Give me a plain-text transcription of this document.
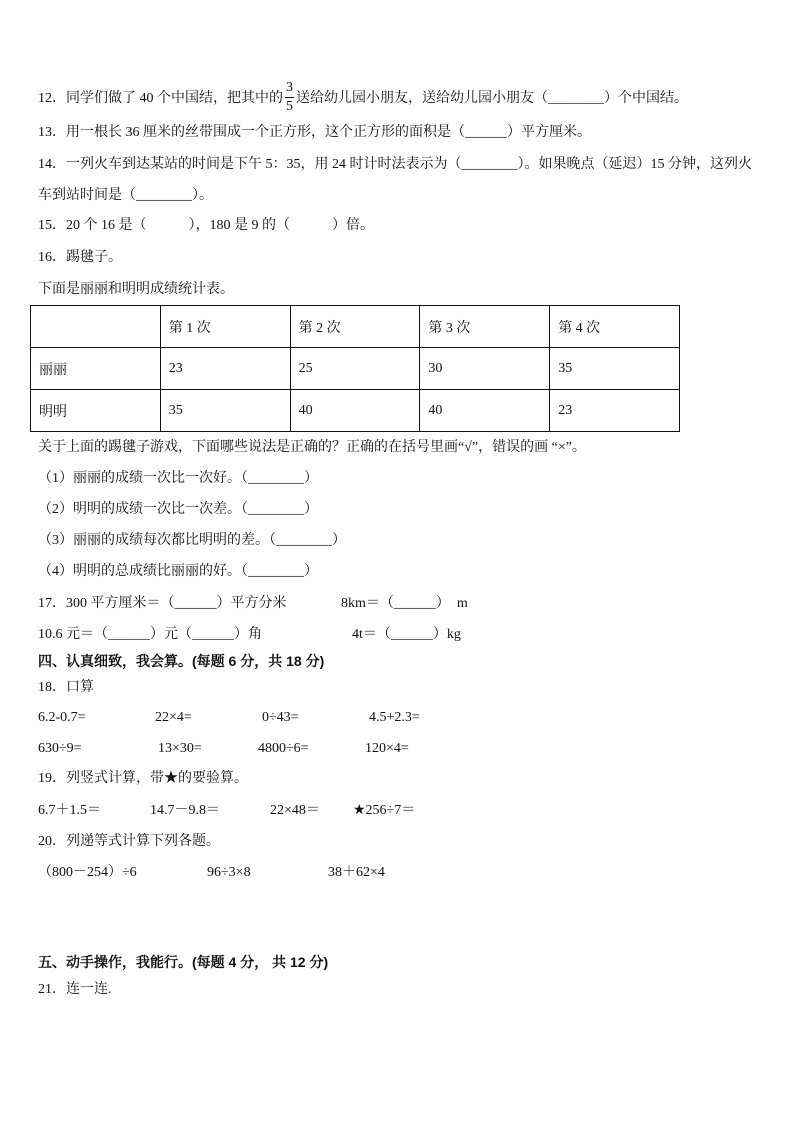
12．同学们做了 40 个中国结，把其中的 $\frac{3}{5}$ 送给幼儿园小朋友，送给幼儿园小朋友（________）个中国结。
13．用一根长 36 厘米的丝带围成一个正方形，这个正方形的面积是（______）平方厘米。
14．一列火车到达某站的时间是下午 5：35，用 24 时计时法表示为（________）。如果晚点（延迟）15 分钟，这列火
车到站时间是（________）。
15．20 个 16 是（　　　），180 是 9 的（　　　）倍。
16．踢毽子。
下面是丽丽和明明成绩统计表。
	第 1 次	第 2 次	第 3 次	第 4 次
丽丽	23	25	30	35
明明	35	40	40	23
关于上面的踢毽子游戏，下面哪些说法是正确的？正确的在括号里画“√”，错误的画 “×”。
（1）丽丽的成绩一次比一次好。（________）
（2）明明的成绩一次比一次差。（________）
（3）丽丽的成绩每次都比明明的差。（________）
（4）明明的总成绩比丽丽的好。（________）
17．300 平方厘米＝（______）平方分米	8km＝（______）　m
10.6 元＝（______）元（______）角	4t＝（______）kg
四、认真细致，我会算。(每题 6 分，共 18 分)
18．口算
6.2-0.7=	22×4=	0÷43=	4.5+2.3=
630÷9=	13×30=	4800÷6=	120×4=
19．列竖式计算，带★的要验算。
6.7＋1.5＝	14.7－9.8＝	22×48＝ ★256÷7＝
20．列递等式计算下列各题。
（800－254）÷6	96÷3×8	38＋62×4
五、动手操作，我能行。(每题 4 分， 共 12 分)
21．连一连.
